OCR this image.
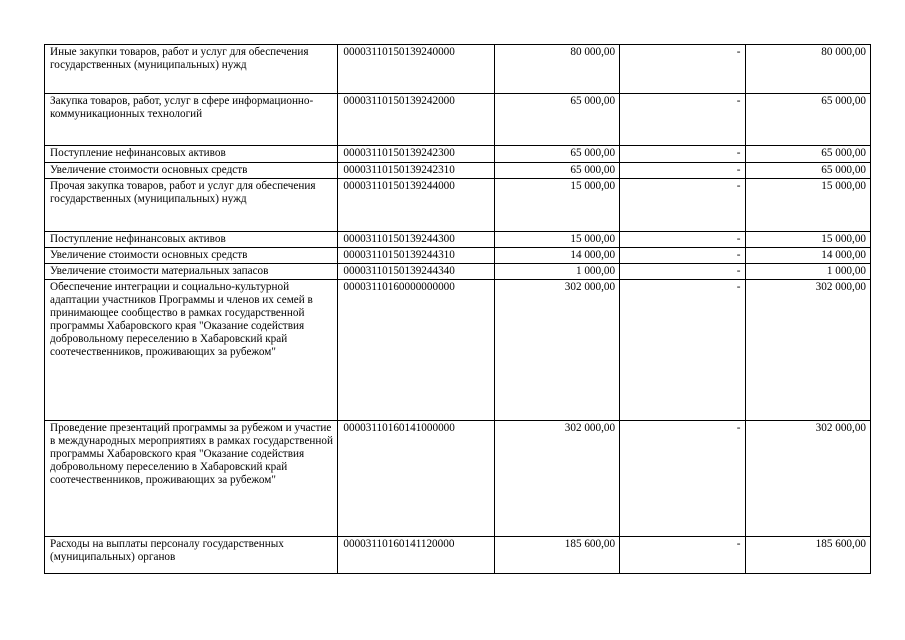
Иные закупки товаров, работ и услуг для обеспечения государственных (муниципальных) нужд	00003110150139240000	80 000,00	-	80 000,00
Закупка товаров, работ, услуг в сфере информационно-коммуникационных технологий	00003110150139242000	65 000,00	-	65 000,00
Поступление нефинансовых активов	00003110150139242300	65 000,00	-	65 000,00
Увеличение стоимости основных средств	00003110150139242310	65 000,00	-	65 000,00
Прочая закупка товаров, работ и услуг для обеспечения государственных (муниципальных) нужд	00003110150139244000	15 000,00	-	15 000,00
Поступление нефинансовых активов	00003110150139244300	15 000,00	-	15 000,00
Увеличение стоимости основных средств	00003110150139244310	14 000,00	-	14 000,00
Увеличение стоимости материальных запасов	00003110150139244340	1 000,00	-	1 000,00
Обеспечение интеграции и социально-культурной адаптации участников Программы и членов их семей в принимающее сообщество в рамках государственной программы Хабаровского края "Оказание содействия добровольному переселению в Хабаровский край соотечественников, проживающих за рубежом"	00003110160000000000	302 000,00	-	302 000,00
Проведение презентаций программы за рубежом и участие в международных мероприятиях в рамках государственной программы Хабаровского края "Оказание содействия добровольному переселению в Хабаровский край соотечественников, проживающих за рубежом"	00003110160141000000	302 000,00	-	302 000,00
Расходы на выплаты персоналу государственных (муниципальных) органов	00003110160141120000	185 600,00	-	185 600,00
